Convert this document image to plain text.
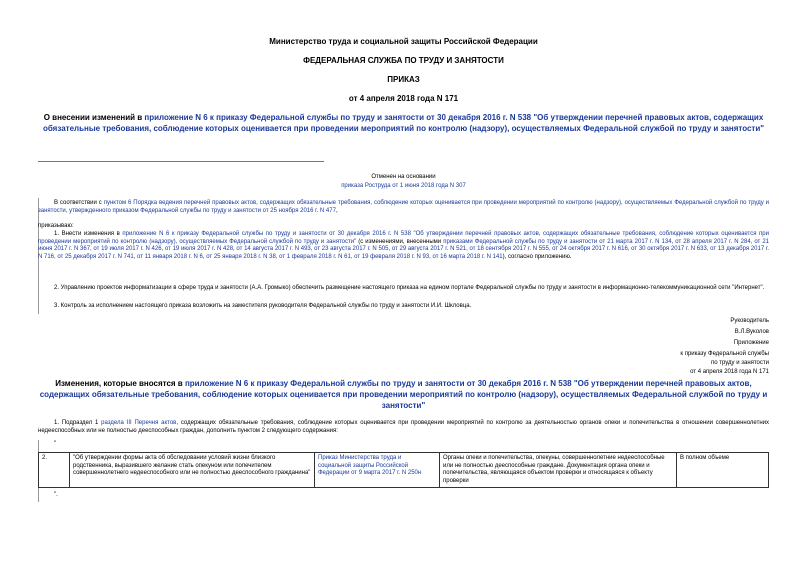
Министерство труда и социальной защиты Российской Федерации
ФЕДЕРАЛЬНАЯ СЛУЖБА ПО ТРУДУ И ЗАНЯТОСТИ
ПРИКАЗ
от 4 апреля 2018 года N 171
О внесении изменений в приложение N 6 к приказу Федеральной службы по труду и занятости от 30 декабря 2016 г. N 538 "Об утверждении перечней правовых актов, содержащих обязательные требования, соблюдение которых оценивается при проведении мероприятий по контролю (надзору), осуществляемых Федеральной службой по труду и занятости"
Отменен на основании
приказа Роструда от 1 июня 2018 года N 307
В соответствии с пунктом 6 Порядка ведения перечней правовых актов, содержащих обязательные требования, соблюдение которых оценивается при проведении мероприятий по контролю (надзору), осуществляемых Федеральной службой по труду и занятости, утвержденного приказом Федеральной службы по труду и занятости от 25 ноября 2016 г. N 477,
приказываю:
1. Внести изменения в приложение N 6 к приказу Федеральной службы по труду и занятости от 30 декабря 2016 г. N 538 "Об утверждении перечней правовых актов, содержащих обязательные требования, соблюдение которых оценивается при проведении мероприятий по контролю (надзору), осуществляемых Федеральной службой по труду и занятости" (с изменениями, внесенными приказами Федеральной службы по труду и занятости от 21 марта 2017 г. N 134, от 28 апреля 2017 г. N 284, от 21 июня 2017 г. N 367, от 19 июля 2017 г. N 426, от 19 июля 2017 г. N 428, от 14 августа 2017 г. N 493, от 23 августа 2017 г. N 505, от 29 августа 2017 г. N 521, от 18 сентября 2017 г. N 555, от 24 октября 2017 г. N 616, от 30 октября 2017 г. N 633, от 13 декабря 2017 г. N 716, от 25 декабря 2017 г. N 741, от 11 января 2018 г. N 6, от 25 января 2018 г. N 38, от 1 февраля 2018 г. N 61, от 19 февраля 2018 г. N 93, от 16 марта 2018 г. N 141), согласно приложению.
2. Управлению проектов информатизации в сфере труда и занятости (А.А. Громыко) обеспечить размещение настоящего приказа на едином портале Федеральной службы по труду и занятости в информационно-телекоммуникационной сети "Интернет".
3. Контроль за исполнением настоящего приказа возложить на заместителя руководителя Федеральной службы по труду и занятости И.И. Шкловца.
Руководитель
В.Л.Вуколов
Приложение
к приказу Федеральной службы
по труду и занятости
от 4 апреля 2018 года N 171
Изменения, которые вносятся в приложение N 6 к приказу Федеральной службы по труду и занятости от 30 декабря 2016 г. N 538 "Об утверждении перечней правовых актов, содержащих обязательные требования, соблюдение которых оценивается при проведении мероприятий по контролю (надзору), осуществляемых Федеральной службой по труду и занятости"
1. Подраздел 1 раздела III Перечня актов, содержащих обязательные требования, соблюдение которых оценивается при проведении мероприятий по контролю за деятельностью органов опеки и попечительства в отношении совершеннолетних недееспособных или не полностью дееспособных граждан, дополнить пунктом 2 следующего содержания:
"
2.	"Об утверждении формы акта об обследовании условий жизни близкого родственника, выразившего желание стать опекуном или попечителем совершеннолетнего недееспособного или не полностью дееспособного гражданина"	Приказ Министерства труда и социальной защиты Российской Федерации от 9 марта 2017 г. N 250н	Органы опеки и попечительства, опекуны, совершеннолетние недееспособные или не полностью дееспособные граждане. Документация органа опеки и попечительства, являющаяся объектом проверки и относящаяся к объекту проверки	В полном объеме
".
